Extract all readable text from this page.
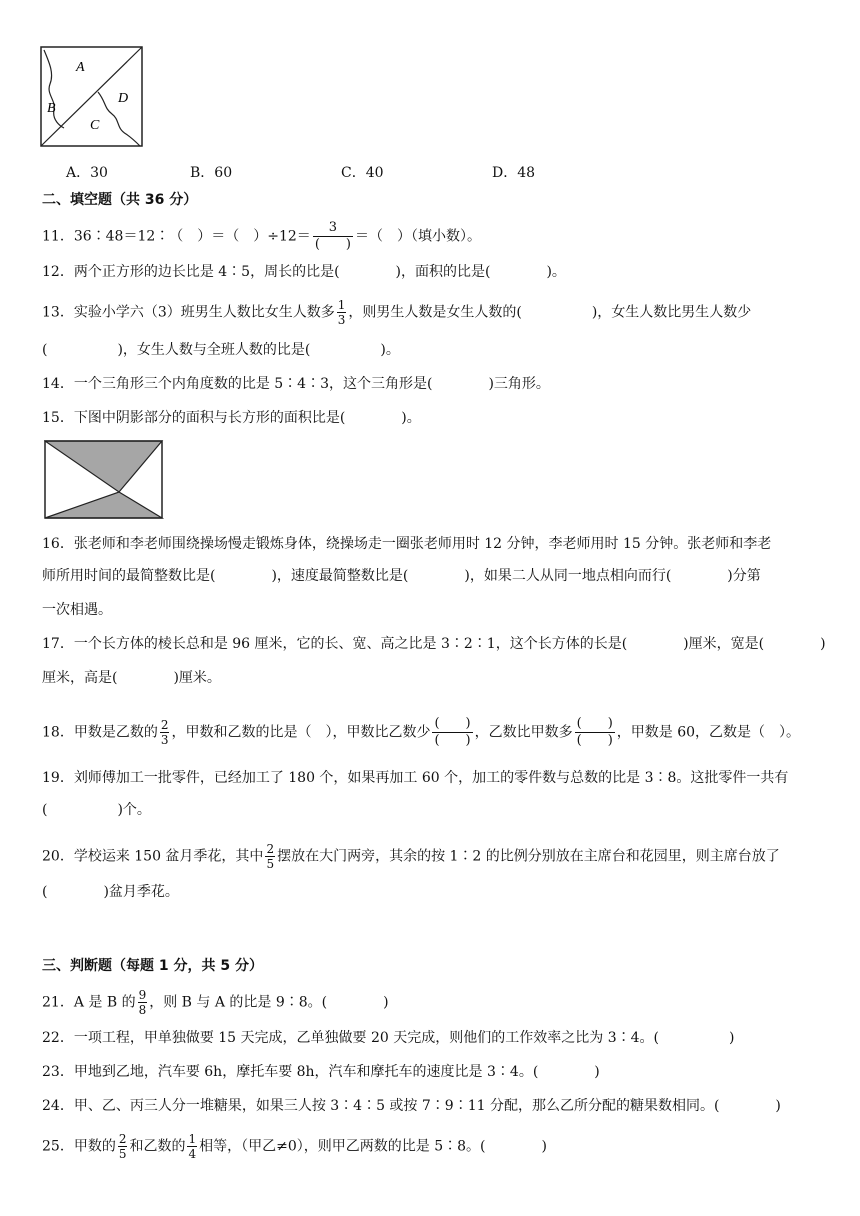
A
B
C
D
A．30	B．60	C．40	D．48
二、填空题（共 36 分）
11．36∶48＝12∶（　）＝（　）÷12＝
3
(　　) ＝（　）（填小数）。
12．两个正方形的边长比是 4∶5，周长的比是(　　　　)，面积的比是(　　　　)。
13．实验小学六（3）班男生人数比女生人数多 $\frac{1}{3}$ ，则男生人数是女生人数的(　　　　　)，女生人数比男生人数少
(　　　　　)，女生人数与全班人数的比是(　　　　　)。
14．一个三角形三个内角度数的比是 5∶4∶3，这个三角形是(　　　　)三角形。
15．下图中阴影部分的面积与长方形的面积比是(　　　　)。
16．张老师和李老师围绕操场慢走锻炼身体，绕操场走一圈张老师用时 12 分钟，李老师用时 15 分钟。张老师和李老
师所用时间的最简整数比是(　　　　)，速度最简整数比是(　　　　)，如果二人从同一地点相向而行(　　　　)分第
一次相遇。
17．一个长方体的棱长总和是 96 厘米，它的长、宽、高之比是 3∶2∶1，这个长方体的长是(　　　　)厘米，宽是(　　　　)
厘米，高是(　　　　)厘米。
18．甲数是乙数的 $\frac{2}{3}$ ，甲数和乙数的比是（　），甲数比乙数少
(　　)
(　　) ，乙数比甲数多
(　　)
(　　) ，甲数是 60，乙数是（　）。
19．刘师傅加工一批零件，已经加工了 180 个，如果再加工 60 个，加工的零件数与总数的比是 3∶8。这批零件一共有
(　　　　　)个。
20．学校运来 150 盆月季花，其中 $\frac{2}{5}$ 摆放在大门两旁，其余的按 1∶2 的比例分别放在主席台和花园里，则主席台放了
(　　　　)盆月季花。
三、判断题（每题 1 分，共 5 分）
21．A 是 B 的 $\frac{9}{8}$ ，则 B 与 A 的比是 9∶8。(　　　　)
22．一项工程，甲单独做要 15 天完成，乙单独做要 20 天完成，则他们的工作效率之比为 3∶4。(　　　　　)
23．甲地到乙地，汽车要 6h，摩托车要 8h，汽车和摩托车的速度比是 3∶4。(　　　　)
24．甲、乙、丙三人分一堆糖果，如果三人按 3∶4∶5 或按 7∶9∶11 分配，那么乙所分配的糖果数相同。(　　　　)
25．甲数的 $\frac{2}{5}$ 和乙数的 $\frac{1}{4}$ 相等，（甲乙≠0），则甲乙两数的比是 5∶8。(　　　　)
